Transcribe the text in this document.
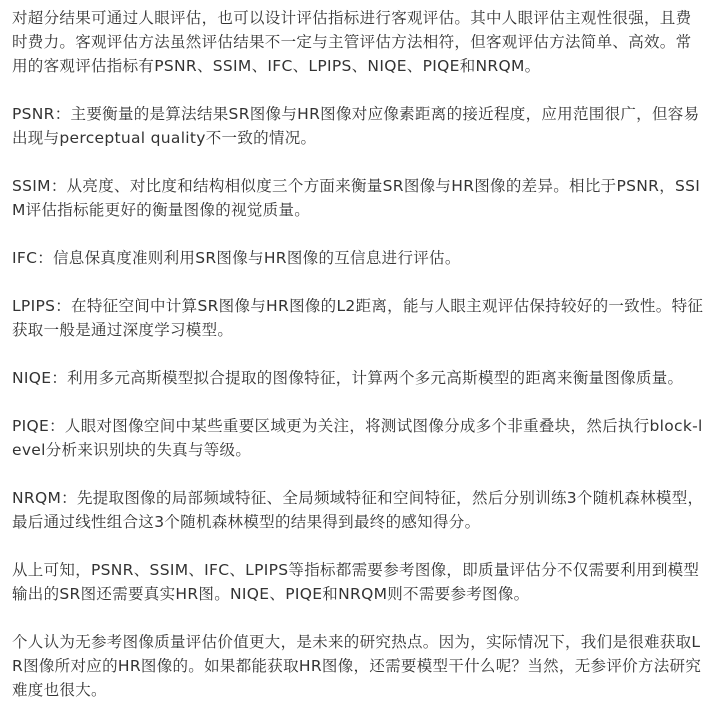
对超分结果可通过人眼评估，也可以设计评估指标进行客观评估。其中人眼评估主观性很强，且费时费力。客观评估方法虽然评估结果不一定与主管评估方法相符，但客观评估方法简单、高效。常用的客观评估指标有PSNR、SSIM、IFC、LPIPS、NIQE、PIQE和NRQM。

PSNR：主要衡量的是算法结果SR图像与HR图像对应像素距离的接近程度，应用范围很广，但容易出现与perceptual quality不一致的情况。

SSIM：从亮度、对比度和结构相似度三个方面来衡量SR图像与HR图像的差异。相比于PSNR，SSIM评估指标能更好的衡量图像的视觉质量。

IFC：信息保真度准则利用SR图像与HR图像的互信息进行评估。

LPIPS：在特征空间中计算SR图像与HR图像的L2距离，能与人眼主观评估保持较好的一致性。特征获取一般是通过深度学习模型。

NIQE：利用多元高斯模型拟合提取的图像特征，计算两个多元高斯模型的距离来衡量图像质量。

PIQE：人眼对图像空间中某些重要区域更为关注，将测试图像分成多个非重叠块，然后执行block-level分析来识别块的失真与等级。

NRQM：先提取图像的局部频域特征、全局频域特征和空间特征，然后分别训练3个随机森林模型，最后通过线性组合这3个随机森林模型的结果得到最终的感知得分。

从上可知，PSNR、SSIM、IFC、LPIPS等指标都需要参考图像，即质量评估分不仅需要利用到模型输出的SR图还需要真实HR图。NIQE、PIQE和NRQM则不需要参考图像。

个人认为无参考图像质量评估价值更大，是未来的研究热点。因为，实际情况下，我们是很难获取LR图像所对应的HR图像的。如果都能获取HR图像，还需要模型干什么呢？当然，无参评价方法研究难度也很大。
